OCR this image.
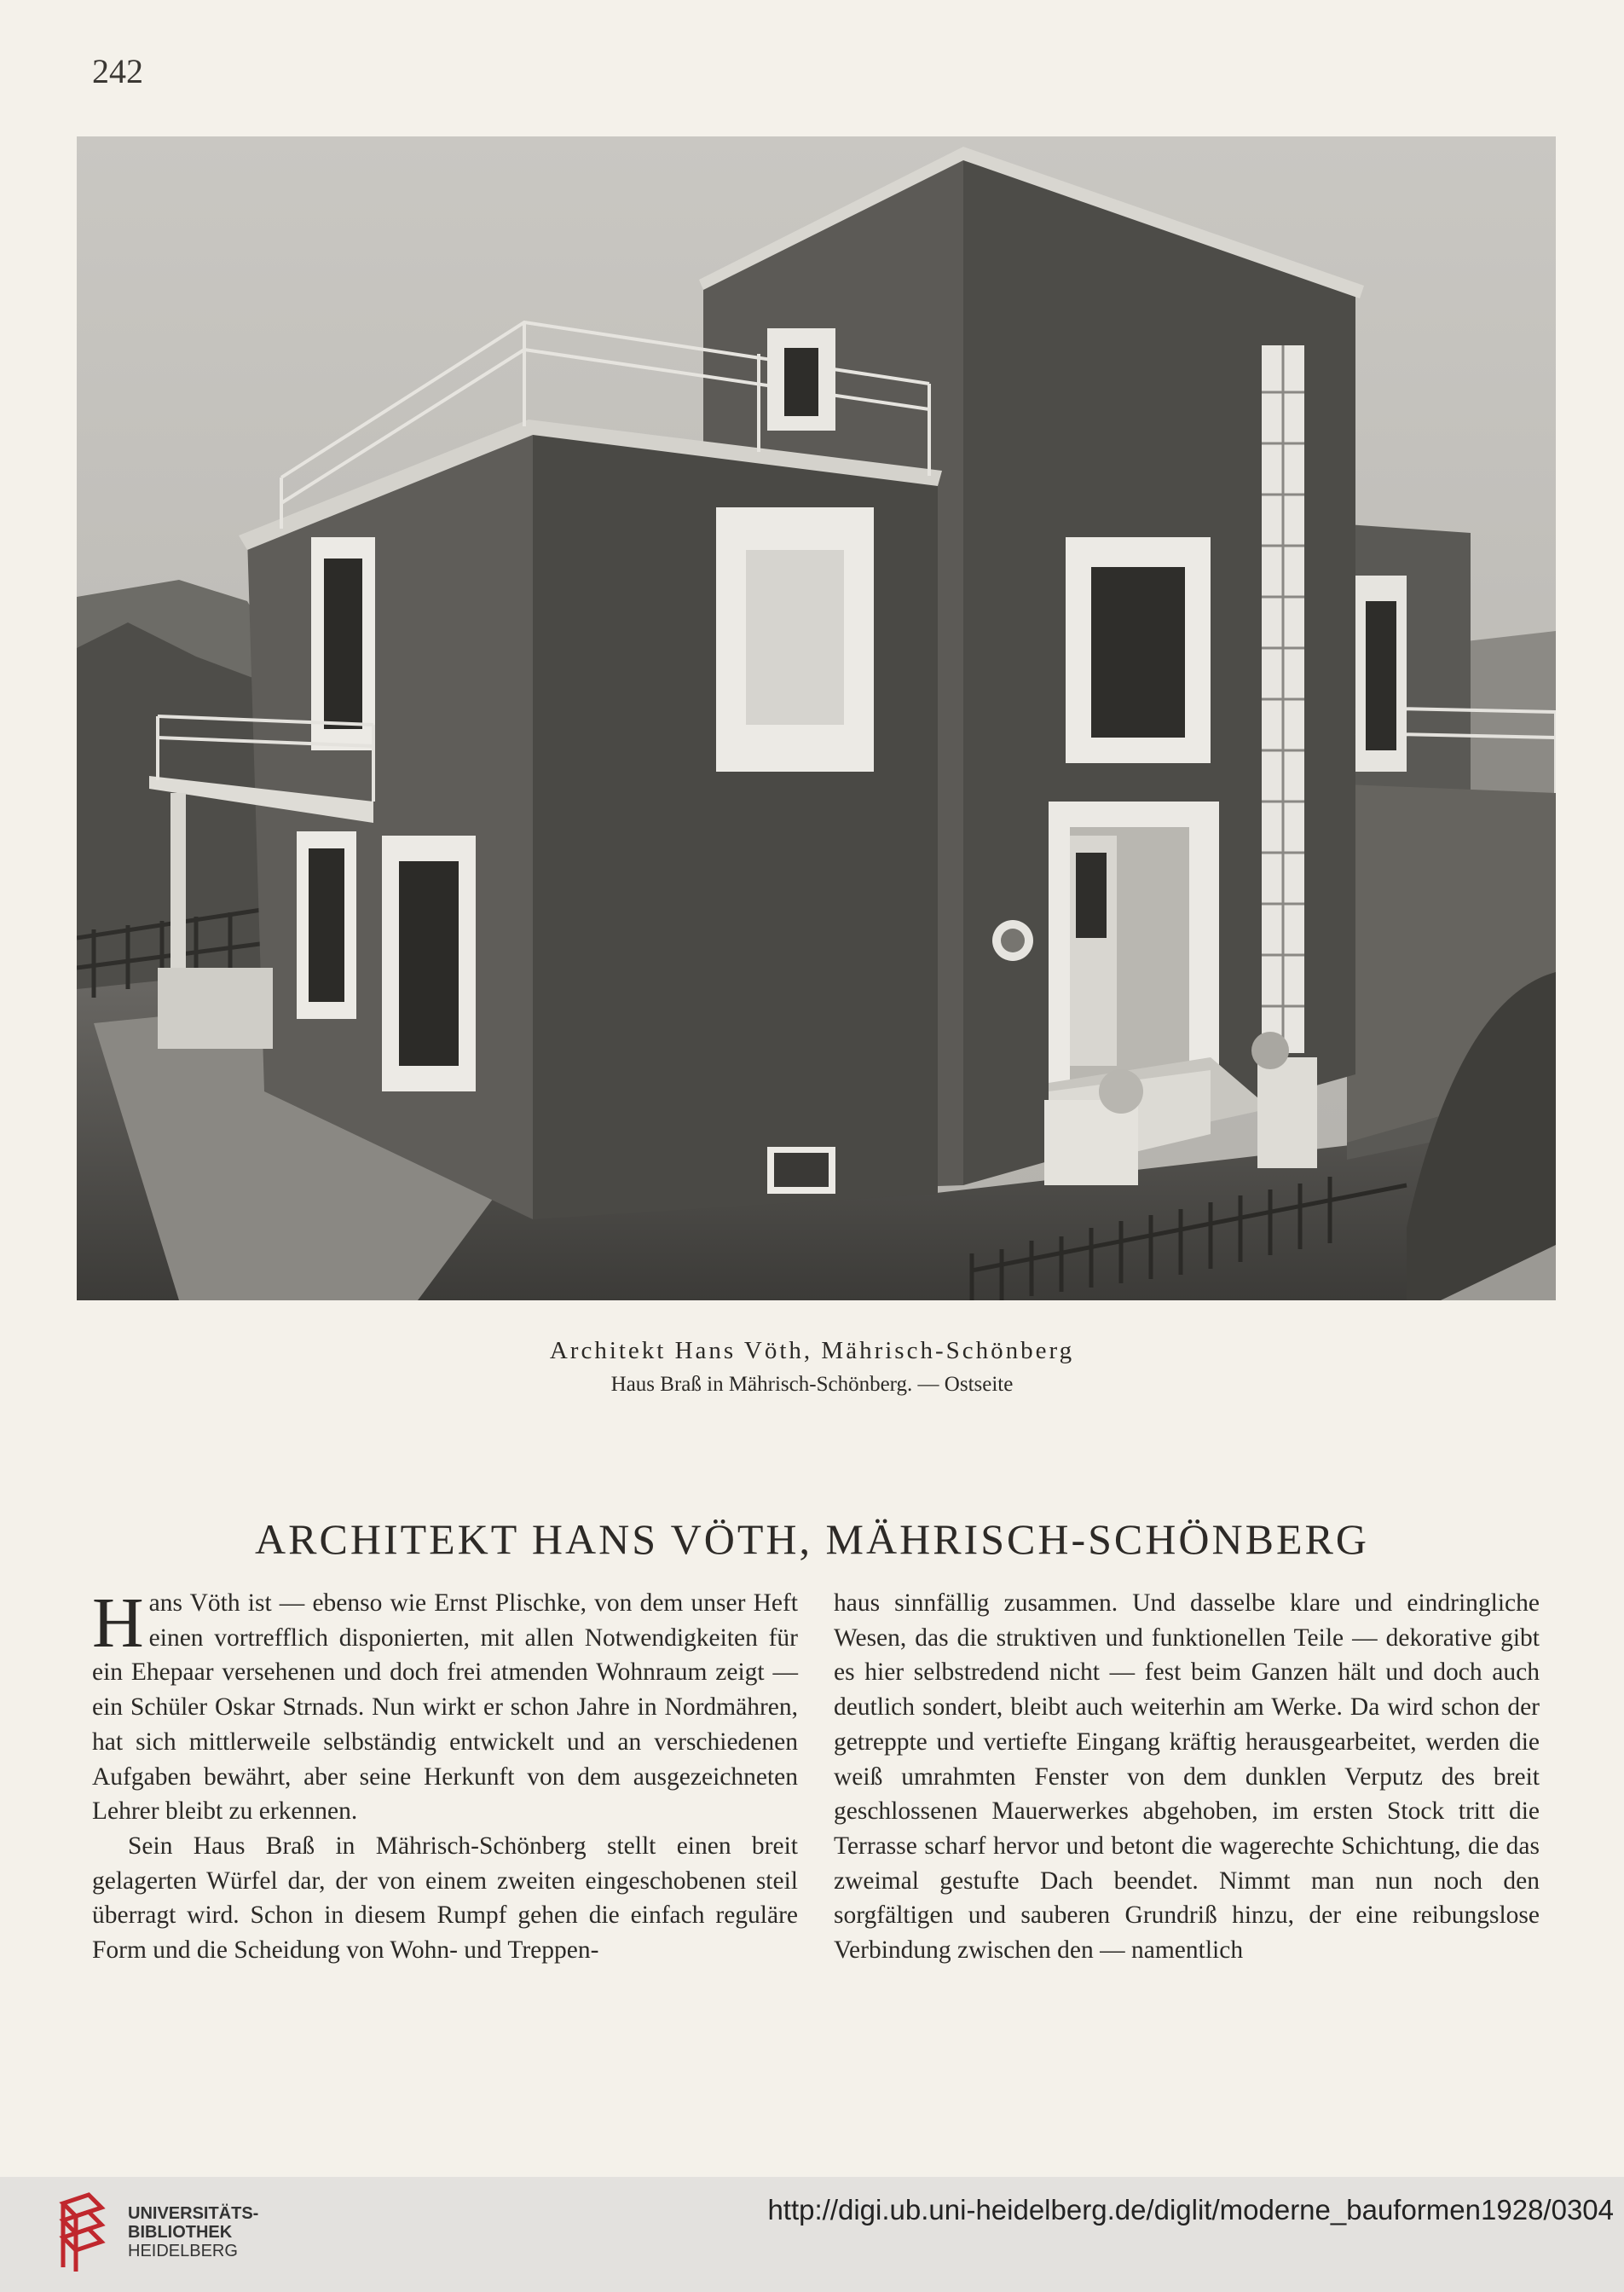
242
Architekt Hans Vöth, Mährisch-Schönberg
Haus Braß in Mährisch-Schönberg. — Ostseite
ARCHITEKT HANS VÖTH, MÄHRISCH-SCHÖNBERG

Hans Vöth ist — ebenso wie Ernst Plischke, von dem unser Heft einen vortrefflich disponierten, mit allen Notwendigkeiten für ein Ehepaar versehenen und doch frei atmenden Wohnraum zeigt — ein Schüler Oskar Strnads. Nun wirkt er schon Jahre in Nordmähren, hat sich mittlerweile selbständig entwickelt und an verschiedenen Aufgaben bewährt, aber seine Herkunft von dem ausgezeichneten Lehrer bleibt zu erkennen.

Sein Haus Braß in Mährisch-Schönberg stellt einen breit gelagerten Würfel dar, der von einem zweiten eingeschobenen steil überragt wird. Schon in diesem Rumpf gehen die einfach reguläre Form und die Scheidung von Wohn- und Treppen-

haus sinnfällig zusammen. Und dasselbe klare und eindringliche Wesen, das die struktiven und funktionellen Teile — dekorative gibt es hier selbstredend nicht — fest beim Ganzen hält und doch auch deutlich sondert, bleibt auch weiterhin am Werke. Da wird schon der getreppte und vertiefte Eingang kräftig herausgearbeitet, werden die weiß umrahmten Fenster von dem dunklen Verputz des breit geschlossenen Mauerwerkes abgehoben, im ersten Stock tritt die Terrasse scharf hervor und betont die wagerechte Schichtung, die das zweimal gestufte Dach beendet. Nimmt man nun noch den sorgfältigen und sauberen Grundriß hinzu, der eine reibungslose Verbindung zwischen den — namentlich

UNIVERSITÄTS-
BIBLIOTHEK
HEIDELBERG
http://digi.ub.uni-heidelberg.de/diglit/moderne_bauformen1928/0304
